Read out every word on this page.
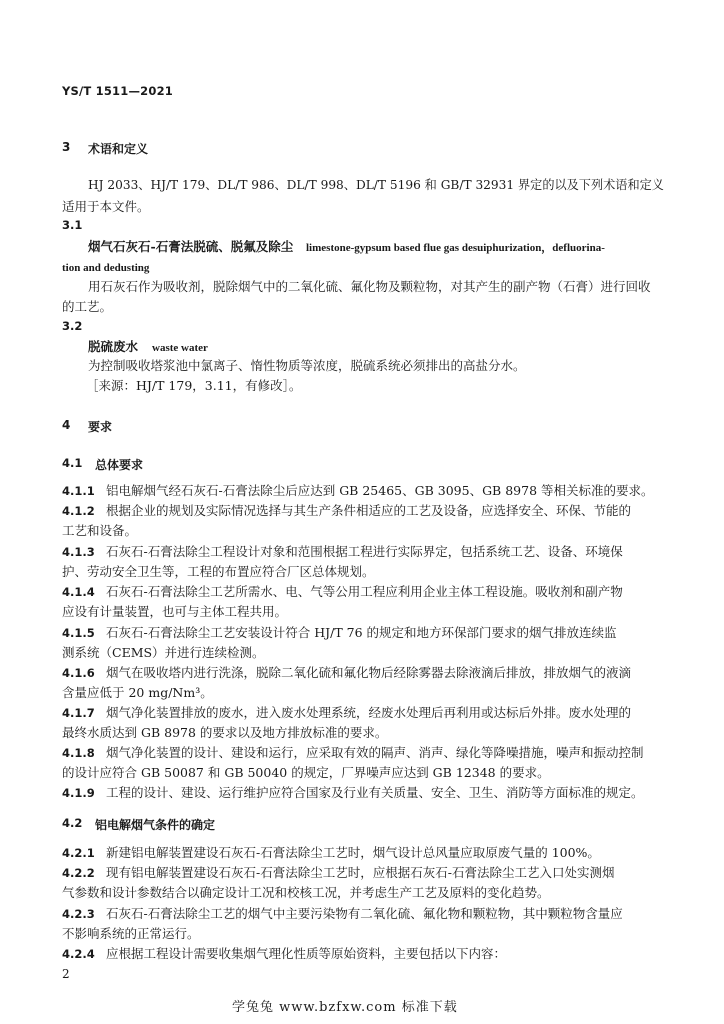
YS/T 1511—2021
3 术语和定义
HJ 2033、HJ/T 179、DL/T 986、DL/T 998、DL/T 5196 和 GB/T 32931 界定的以及下列术语和定义
适用于本文件。
3.1
烟气石灰石-石膏法脱硫、脱氟及除尘 limestone-gypsum based flue gas desuiphurization，defluorina-
tion and dedusting
用石灰石作为吸收剂，脱除烟气中的二氧化硫、氟化物及颗粒物，对其产生的副产物（石膏）进行回收
的工艺。
3.2
脱硫废水 waste water
为控制吸收塔浆池中氯离子、惰性物质等浓度，脱硫系统必须排出的高盐分水。
［来源：HJ/T 179，3.11，有修改］。
4 要求
4.1 总体要求
4.1.1 铝电解烟气经石灰石-石膏法除尘后应达到 GB 25465、GB 3095、GB 8978 等相关标准的要求。
4.1.2 根据企业的规划及实际情况选择与其生产条件相适应的工艺及设备，应选择安全、环保、节能的
工艺和设备。
4.1.3 石灰石-石膏法除尘工程设计对象和范围根据工程进行实际界定，包括系统工艺、设备、环境保
护、劳动安全卫生等，工程的布置应符合厂区总体规划。
4.1.4 石灰石-石膏法除尘工艺所需水、电、气等公用工程应利用企业主体工程设施。吸收剂和副产物
应设有计量装置，也可与主体工程共用。
4.1.5 石灰石-石膏法除尘工艺安装设计符合 HJ/T 76 的规定和地方环保部门要求的烟气排放连续监
测系统（CEMS）并进行连续检测。
4.1.6 烟气在吸收塔内进行洗涤，脱除二氧化硫和氟化物后经除雾器去除液滴后排放，排放烟气的液滴
含量应低于 20 mg/Nm³。
4.1.7 烟气净化装置排放的废水，进入废水处理系统，经废水处理后再利用或达标后外排。废水处理的
最终水质达到 GB 8978 的要求以及地方排放标准的要求。
4.1.8 烟气净化装置的设计、建设和运行，应采取有效的隔声、消声、绿化等降噪措施，噪声和振动控制
的设计应符合 GB 50087 和 GB 50040 的规定，厂界噪声应达到 GB 12348 的要求。
4.1.9 工程的设计、建设、运行维护应符合国家及行业有关质量、安全、卫生、消防等方面标准的规定。
4.2 铝电解烟气条件的确定
4.2.1 新建铝电解装置建设石灰石-石膏法除尘工艺时，烟气设计总风量应取原废气量的 100%。
4.2.2 现有铝电解装置建设石灰石-石膏法除尘工艺时，应根据石灰石-石膏法除尘工艺入口处实测烟
气参数和设计参数结合以确定设计工况和校核工况，并考虑生产工艺及原料的变化趋势。
4.2.3 石灰石-石膏法除尘工艺的烟气中主要污染物有二氧化硫、氟化物和颗粒物，其中颗粒物含量应
不影响系统的正常运行。
4.2.4 应根据工程设计需要收集烟气理化性质等原始资料，主要包括以下内容：
2
学兔兔 www.bzfxw.com 标准下载
